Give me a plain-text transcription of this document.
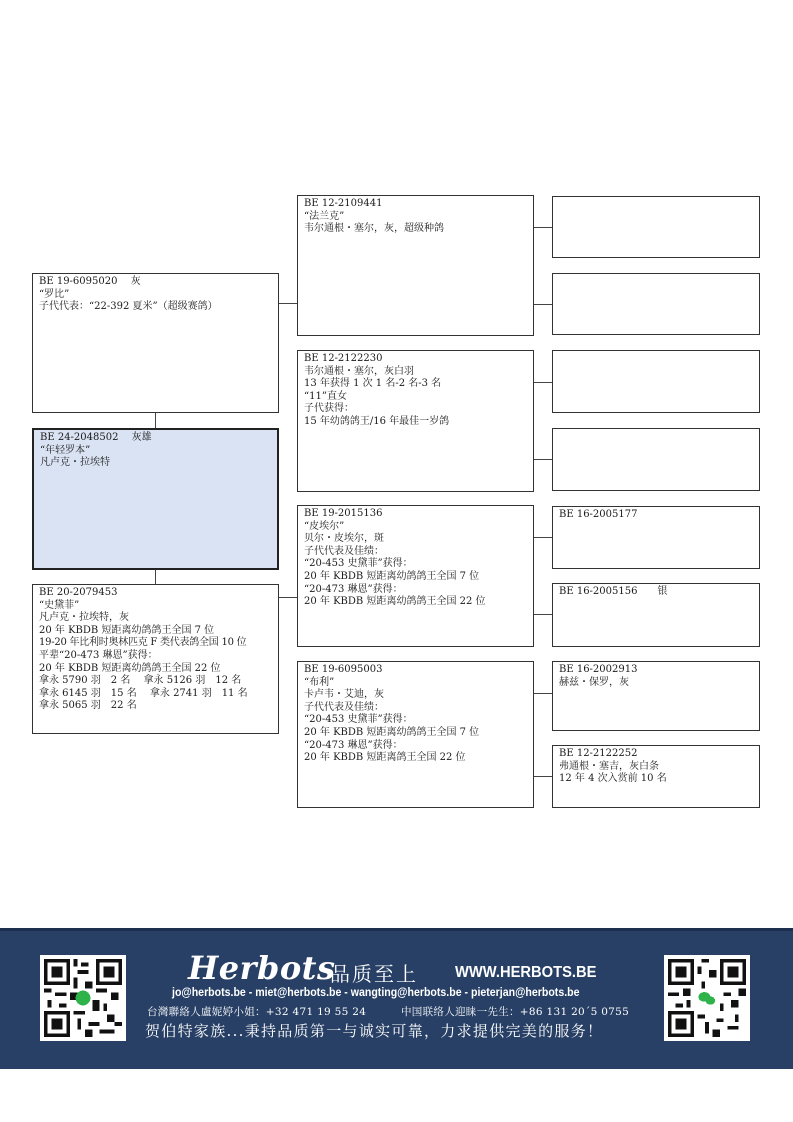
BE 19-6095020　 灰
“罗比”
子代代表：“22-392 夏米”（超级赛鸽）
BE 24-2048502　 灰雄
“年轻罗本”
凡卢克・拉埃特
BE 20-2079453
“史黛菲”
凡卢克・拉埃特，灰
20 年 KBDB 短距离幼鸽鸽王全国 7 位
19-20 年比利时奥林匹克 F 类代表鸽全国 10 位
平辈“20-473 琳恩”获得：
20 年 KBDB 短距离幼鸽鸽王全国 22 位
拿永 5790 羽　2 名　 拿永 5126 羽　12 名
拿永 6145 羽　15 名　 拿永 2741 羽　11 名
拿永 5065 羽　22 名
BE 12-2109441
“法兰克”
韦尔通根・塞尔，灰，超级种鸽
BE 12-2122230
韦尔通根・塞尔，灰白羽
13 年获得 1 次 1 名-2 名-3 名
“11”直女
子代获得：
15 年幼鸽鸽王/16 年最佳一岁鸽
BE 19-2015136
“皮埃尔”
贝尔・皮埃尔，斑
子代代表及佳绩：
“20-453 史黛菲”获得：
20 年 KBDB 短距离幼鸽鸽王全国 7 位
“20-473 琳恩”获得：
20 年 KBDB 短距离幼鸽鸽王全国 22 位
BE 19-6095003
“布利”
卡卢韦・艾迪，灰
子代代表及佳绩：
“20-453 史黛菲”获得：
20 年 KBDB 短距离幼鸽鸽王全国 7 位
“20-473 琳恩”获得：
20 年 KBDB 短距离鸽王全国 22 位
BE 16-2005177
BE 16-2005156　　银
BE 16-2002913
赫兹・保罗，灰
BE 12-2122252
弗通根・塞吉，灰白条
12 年 4 次入赏前 10 名
Herbots
品质至上 WWW.HERBOTS.BE
jo@herbots.be - miet@herbots.be - wangting@herbots.be - pieterjan@herbots.be
台灣聯絡人盧妮婷小姐：+32 471 19 55 24	中国联络人迎睐一先生：+86 131 20´5 0755
贺伯特家族...秉持品质第一与诚实可靠，力求提供完美的服务！
